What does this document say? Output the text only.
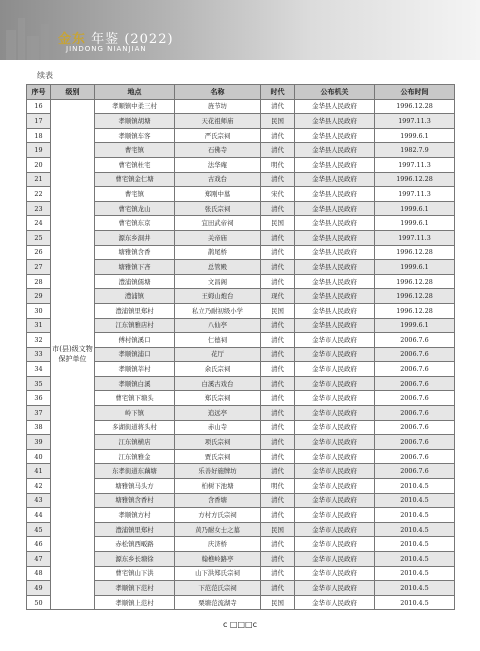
金东 年鉴 (2022)
JINDONG NIANJIAN
续表
序号	级别	地点	名称	时代	公布机关	公布时间
16	市(县)级文物保护单位	孝顺镇中柔三村	旌节坊	清代	金华县人民政府	1996.12.28
17		孝顺镇胡塘	天花祖师庙	民国	金华县人民政府	1997.11.3
18		孝顺镇车客	严氏宗祠	清代	金华县人民政府	1999.6.1
19		曹宅镇	石佛寺	清代	金华县人民政府	1982.7.9
20		曹宅镇杜宅	法华庵	明代	金华县人民政府	1997.11.3
21		曹宅镇金仁塘	古戏台	清代	金华县人民政府	1996.12.28
22		曹宅镇	郑刚中墓	宋代	金华县人民政府	1997.11.3
23		曹宅镇龙山	张氏宗祠	清代	金华县人民政府	1999.6.1
24		曹宅镇东京	宜田武帝祠	民国	金华县人民政府	1999.6.1
25		源东乡洞井	关帝庙	清代	金华县人民政府	1997.11.3
26		塘雅镇含香	鹊尾桥	清代	金华县人民政府	1996.12.28
27		塘雅镇下吝	总管殿	清代	金华县人民政府	1999.6.1
28		澧浦镇儒塘	文昌阁	清代	金华县人民政府	1996.12.28
29		澧浦镇	王姆山炮台	现代	金华县人民政府	1996.12.28
30		澧浦镇里郑村	私立乃耐初级小学	民国	金华县人民政府	1996.12.28
31		江东镇雅店村	八仙亭	清代	金华县人民政府	1999.6.1
32		傅村镇溪口	仁德祠	清代	金华市人民政府	2006.7.6
33		孝顺镇浦口	花厅	清代	金华市人民政府	2006.7.6
34		孝顺镇莘村	余氏宗祠	清代	金华市人民政府	2006.7.6
35		孝顺镇白溪	白溪古戏台	清代	金华市人民政府	2006.7.6
36		曹宅镇下塘头	郑氏宗祠	清代	金华市人民政府	2006.7.6
37		岭下镇	追远亭	清代	金华市人民政府	2006.7.6
38		多湖街道蒋头村	赤山寺	清代	金华市人民政府	2006.7.6
39		江东镇横店	项氏宗祠	清代	金华市人民政府	2006.7.6
40		江东镇雅金	贾氏宗祠	清代	金华市人民政府	2006.7.6
41		东孝街道东藕塘	乐善好施牌坊	清代	金华市人民政府	2006.7.6
42		塘雅镇马头方	柏树下池塘	明代	金华市人民政府	2010.4.5
43		塘雅镇含香村	含香塘	清代	金华市人民政府	2010.4.5
44		孝顺镇方村	方村方氏宗祠	清代	金华市人民政府	2010.4.5
45		澧浦镇里郑村	黄乃耐女士之墓	民国	金华市人民政府	2010.4.5
46		赤松镇西畈路	庆济桥	清代	金华市人民政府	2010.4.5
47		源东乡长塘徐	翰樵岭路亭	清代	金华市人民政府	2010.4.5
48		曹宅镇山下洪	山下洪郑氏宗祠	清代	金华市人民政府	2010.4.5
49		孝顺镇下范村	下范范氏宗祠	清代	金华市人民政府	2010.4.5
50		孝顺镇上范村	栗塘范流湖寺	民国	金华市人民政府	2010.4.5
c □□□c
